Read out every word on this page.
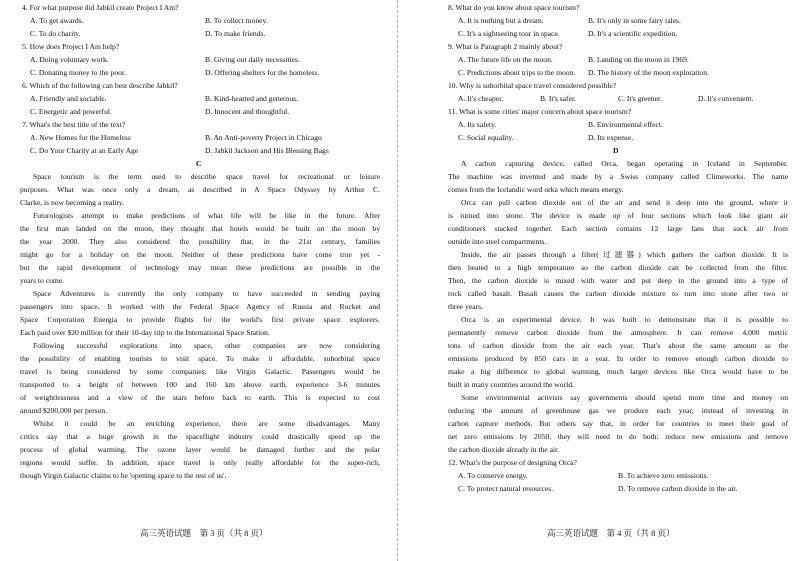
4. For what purpose did Jabkil create Project I Am?
A. To get awards.	B. To collect money.
C. To do charity.	D. To make friends.
5. How does Project I Am help?
A. Doing voluntary work.	B. Giving out daily necessities.
C. Donating money to the poor.	D. Offering shelters for the homeless.
6. Which of the following can best describe Jabkil?
A. Friendly and sociable.	B. Kind-hearted and generous.
C. Energetic and powerful.	D. Innocent and thoughtful.
7. What's the best title of the text?
A. New Homes for the Homeless	B. An Anti-poverty Project in Chicago
C. Do Your Charity at an Early Age	D. Jabkil Jackson and His Blessing Bags
C
Space tourism is the term used to describe space travel for recreational or leisure
purposes. What was once only a dream, as described in A Space Odyssey by Arthur C.
Clarke, is now becoming a reality.
Futurologists attempt to make predictions of what life will be like in the future. After
the first man landed on the moon, they thought that hotels would be built on the moon by
the year 2000. They also considered the possibility that, in the 21st century, families
might go for a holiday on the moon. Neither of these predictions have come true yet -
but the rapid development of technology may mean these predictions are possible in the
years to come.
Space Adventures is currently the only company to have succeeded in sending paying
passengers into space. It worked with the Federal Space Agency of Russia and Rocket and
Space Corporation Energia to provide flights for the world's first private space explorers.
Each paid over $20 million for their 10-day trip to the International Space Station.
Following successful explorations into space, other companies are now considering
the possibility of enabling tourists to visit space. To make it affordable, suborbital space
travel is being considered by some companies, like Virgin Galactic. Passengers would be
transported to a height of between 100 and 160 km above earth, experience 3-6 minutes
of weightlessness and a view of the stars before back to earth. This is expected to cost
around $200,000 per person.
Whilst it could be an enriching experience, there are some disadvantages. Many
critics say that a huge growth in the spaceflight industry could drastically speed up the
process of global warming. The ozone layer would be damaged further and the polar
regions would suffer. In addition, space travel is only really affordable for the super-rich,
though Virgin Galactic claims to be 'opening space to the rest of us'.
高三英语试题　第 3 页（共 8 页）
8. What do you know about space tourism?
A. It is nothing but a dream.	B. It's only in some fairy tales.
C. It's a sightseeing tour in space.	D. It's a scientific expedition.
9. What is Paragraph 2 mainly about?
A. The future life on the moon.	B. Landing on the moon in 1969.
C. Predictions about trips to the moon. D. The history of the moon exploration.
10. Why is suborbital space travel considered possible?
A. It's cheaper.	B. It's safer.	C. It's greener.	D. It's convenient.
11. What is some cities' major concern about space tourism?
A. Its safety.	B. Environmental effect.
C. Social equality.	D. Its expense.
D
A carbon capturing device, called Orca, began operating in Iceland in September.
The machine was invented and made by a Swiss company called Climeworks. The name
comes from the Icelandic word orka which means energy.
Orca can pull carbon dioxide out of the air and send it deep into the ground, where it
is turned into stone. The device is made up of four sections which look like giant air
conditioners stacked together. Each section contains 12 large fans that suck air from
outside into steel compartments.
Inside, the air passes through a filter(过滤器) which gathers the carbon dioxide. It is
then heated to a high temperature so the carbon dioxide can be collected from the filter.
Then, the carbon dioxide is mixed with water and put deep in the ground into a type of
rock called basalt. Basalt causes the carbon dioxide mixture to turn into stone after two or
three years.
Orca is an experimental device. It was built to demonstrate that it is possible to
permanently remove carbon dioxide from the atmosphere. It can remove 4,000 metric
tons of carbon dioxide from the air each year. That's about the same amount as the
emissions produced by 850 cars in a year. In order to remove enough carbon dioxide to
make a big difference to global warming, much larger devices like Orca would have to be
built in many countries around the world.
Some environmental activists say governments should spend more time and money on
reducing the amount of greenhouse gas we produce each year, instead of investing in
carbon capture methods. But others say that, in order for countries to meet their goal of
net zero emissions by 2050, they will need to do both: reduce new emissions and remove
the carbon dioxide already in the air.
12. What's the purpose of designing Orca?
A. To conserve energy.	B. To achieve zero emissions.
C. To protect natural resources.	D. To remove carbon dioxide in the air.
高三英语试题　第 4 页（共 8 页）
